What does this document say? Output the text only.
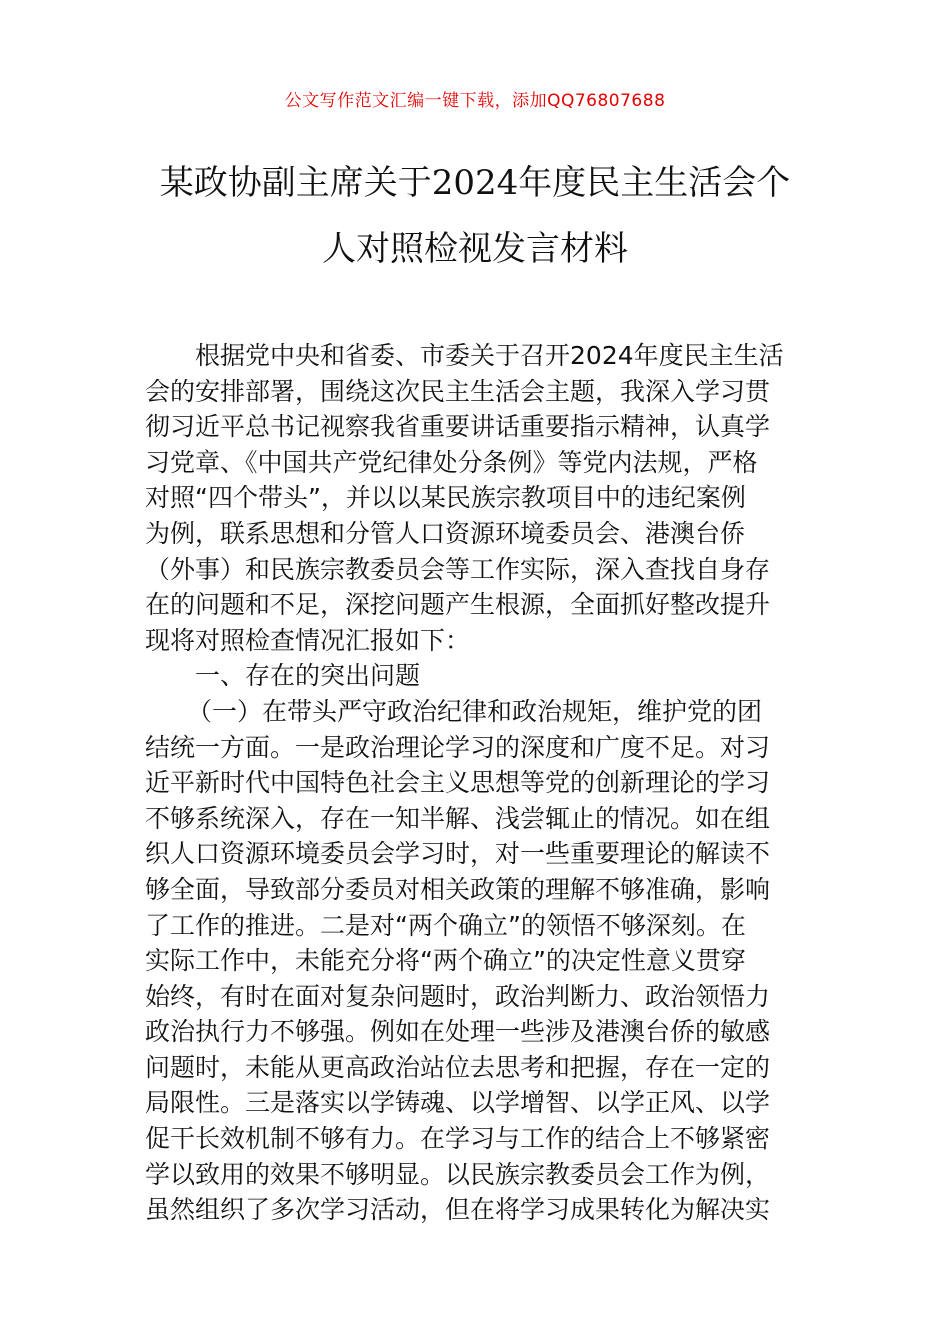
公文写作范文汇编一键下载，添加QQ76807688
某政协副主席关于2024年度民主生活会个
人对照检视发言材料
根据党中央和省委、市委关于召开2024年度民主生活
会的安排部署，围绕这次民主生活会主题，我深入学习贯
彻习近平总书记视察我省重要讲话重要指示精神，认真学
习党章、《中国共产党纪律处分条例》等党内法规，严格
对照“四个带头”，并以以某民族宗教项目中的违纪案例
为例，联系思想和分管人口资源环境委员会、港澳台侨
（外事）和民族宗教委员会等工作实际，深入查找自身存
在的问题和不足，深挖问题产生根源，全面抓好整改提升
现将对照检查情况汇报如下：
一、存在的突出问题
（一）在带头严守政治纪律和政治规矩，维护党的团
结统一方面。一是政治理论学习的深度和广度不足。对习
近平新时代中国特色社会主义思想等党的创新理论的学习
不够系统深入，存在一知半解、浅尝辄止的情况。如在组
织人口资源环境委员会学习时，对一些重要理论的解读不
够全面，导致部分委员对相关政策的理解不够准确，影响
了工作的推进。二是对“两个确立”的领悟不够深刻。在
实际工作中，未能充分将“两个确立”的决定性意义贯穿
始终，有时在面对复杂问题时，政治判断力、政治领悟力
政治执行力不够强。例如在处理一些涉及港澳台侨的敏感
问题时，未能从更高政治站位去思考和把握，存在一定的
局限性。三是落实以学铸魂、以学增智、以学正风、以学
促干长效机制不够有力。在学习与工作的结合上不够紧密
学以致用的效果不够明显。以民族宗教委员会工作为例，
虽然组织了多次学习活动，但在将学习成果转化为解决实
